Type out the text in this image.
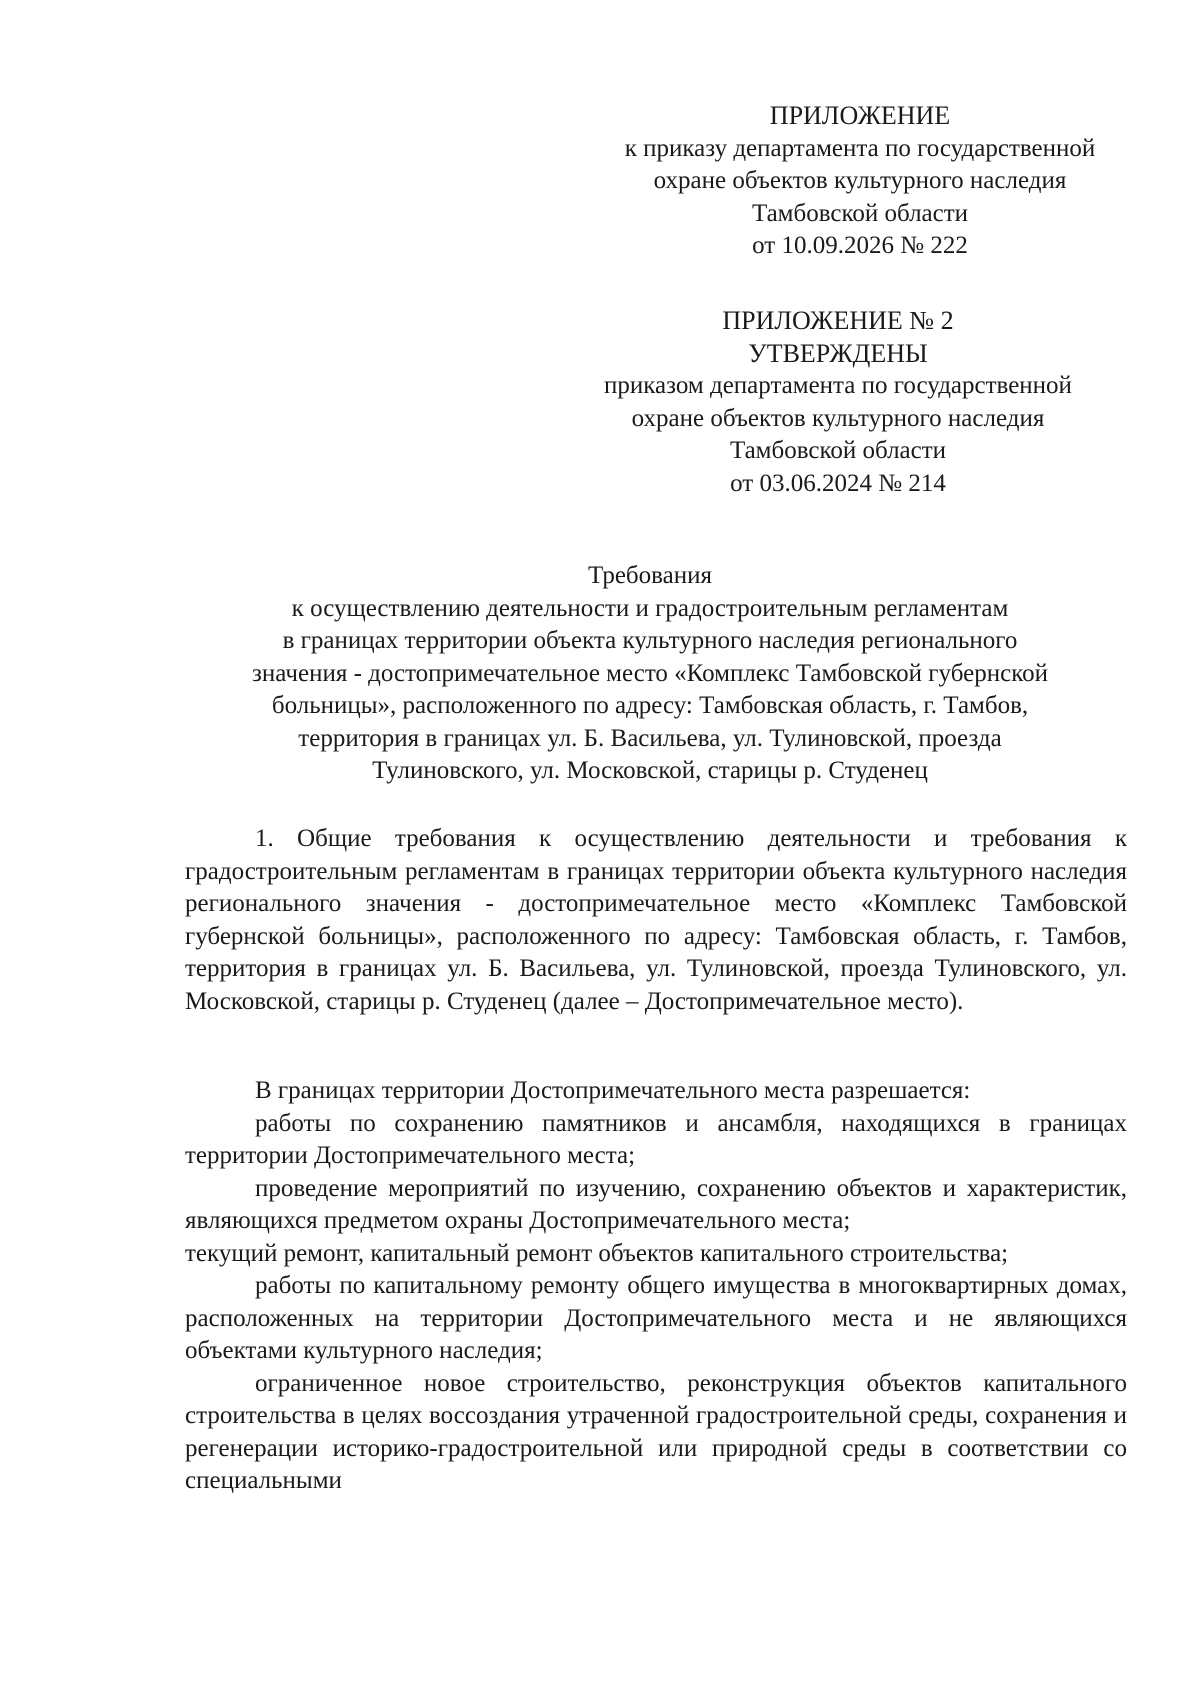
ПРИЛОЖЕНИЕ
к приказу департамента по государственной
охране объектов культурного наследия
Тамбовской области
от 10.09.2026 № 222
ПРИЛОЖЕНИЕ № 2
УТВЕРЖДЕНЫ
приказом департамента по государственной
охране объектов культурного наследия
Тамбовской области
от 03.06.2024 № 214
Требования
к осуществлению деятельности и градостроительным регламентам
в границах территории объекта культурного наследия регионального
значения - достопримечательное место «Комплекс Тамбовской губернской
больницы», расположенного по адресу: Тамбовская область, г. Тамбов,
территория в границах ул. Б. Васильева, ул. Тулиновской, проезда
Тулиновского, ул. Московской, старицы р. Студенец

1. Общие требования к осуществлению деятельности и требования к градостроительным регламентам в границах территории объекта культурного наследия регионального значения - достопримечательное место «Комплекс Тамбовской губернской больницы», расположенного по адресу: Тамбовская область, г. Тамбов, территория в границах ул. Б. Васильева, ул. Тулиновской, проезда Тулиновского, ул. Московской, старицы р. Студенец (далее – Достопримечательное место).

В границах территории Достопримечательного места разрешается:

работы по сохранению памятников и ансамбля, находящихся в границах территории Достопримечательного места;

проведение мероприятий по изучению, сохранению объектов и характеристик, являющихся предметом охраны Достопримечательного места;

текущий ремонт, капитальный ремонт объектов капитального строительства;

работы по капитальному ремонту общего имущества в многоквартирных домах, расположенных на территории Достопримечательного места и не являющихся объектами культурного наследия;

ограниченное новое строительство, реконструкция объектов капитального строительства в целях воссоздания утраченной градостроительной среды, сохранения и регенерации историко-градостроительной или природной среды в соответствии со специальными
